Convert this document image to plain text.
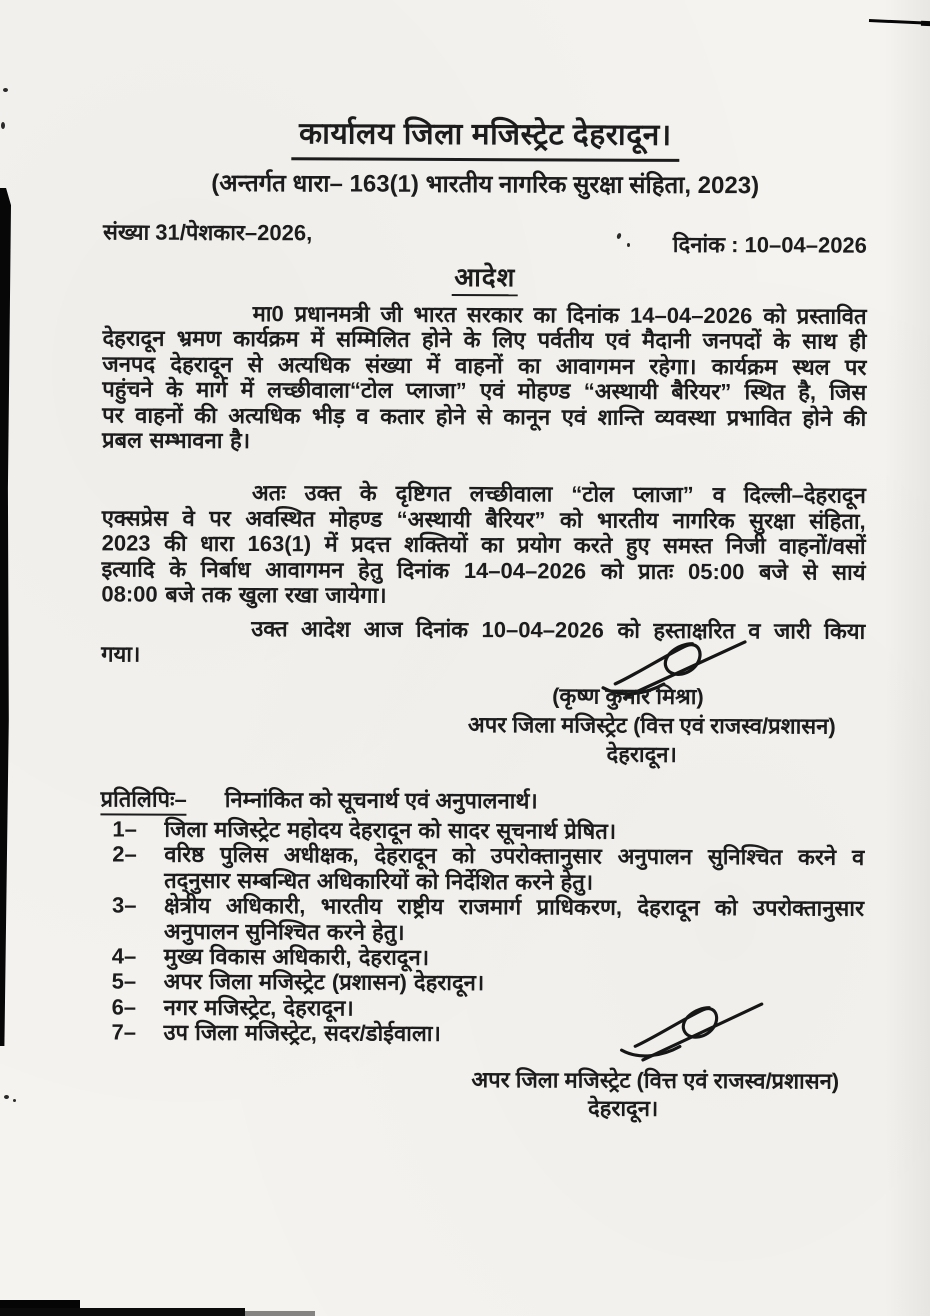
कार्यालय जिला मजिस्ट्रेट देहरादून।
(अन्तर्गत धारा– 163(1) भारतीय नागरिक सुरक्षा संहिता, 2023)
संख्या 31/पेशकार–2026,	दिनांक : 10–04–2026
आदेश
मा0 प्रधानमत्री जी भारत सरकार का दिनांक 14–04–2026 को प्रस्तावित
देहरादून भ्रमण कार्यक्रम में सम्मिलित होने के लिए पर्वतीय एवं मैदानी जनपदों के साथ ही
जनपद देहरादून से अत्यधिक संख्या में वाहनों का आवागमन रहेगा। कार्यक्रम स्थल पर
पहुंचने के मार्ग में लच्छीवाला“टोल प्लाजा” एवं मोहण्ड “अस्थायी बैरियर” स्थित है, जिस
पर वाहनों की अत्यधिक भीड़ व कतार होने से कानून एवं शान्ति व्यवस्था प्रभावित होने की
प्रबल सम्भावना है।
अतः उक्त के दृष्टिगत लच्छीवाला “टोल प्लाजा” व दिल्ली–देहरादून
एक्सप्रेस वे पर अवस्थित मोहण्ड “अस्थायी बैरियर” को भारतीय नागरिक सुरक्षा संहिता,
2023 की धारा 163(1) में प्रदत्त शक्तियों का प्रयोग करते हुए समस्त निजी वाहनों/वसों
इत्यादि के निर्बाध आवागमन हेतु दिनांक 14–04–2026 को प्रातः 05:00 बजे से सायं
08:00 बजे तक खुला रखा जायेगा।
उक्त आदेश आज दिनांक 10–04–2026 को हस्ताक्षरित व जारी किया
गया।
(कृष्ण कुमार मिश्रा)
अपर जिला मजिस्ट्रेट (वित्त एवं राजस्व/प्रशासन)
देहरादून।
प्रतिलिपिः– निम्नांकित को सूचनार्थ एवं अनुपालनार्थ।
1–	जिला मजिस्ट्रेट महोदय देहरादून को सादर सूचनार्थ प्रेषित।
2–	वरिष्ठ पुलिस अधीक्षक, देहरादून को उपरोक्तानुसार अनुपालन सुनिश्चित करने व
तद्नुसार सम्बन्धित अधिकारियों को निर्देशित करने हेतु।
3–	क्षेत्रीय अधिकारी, भारतीय राष्ट्रीय राजमार्ग प्राधिकरण, देहरादून को उपरोक्तानुसार
अनुपालन सुनिश्चित करने हेतु।
4–	मुख्य विकास अधिकारी, देहरादून।
5–	अपर जिला मजिस्ट्रेट (प्रशासन) देहरादून।
6–	नगर मजिस्ट्रेट, देहरादून।
7–	उप जिला मजिस्ट्रेट, सदर/डोईवाला।
अपर जिला मजिस्ट्रेट (वित्त एवं राजस्व/प्रशासन)
देहरादून।
